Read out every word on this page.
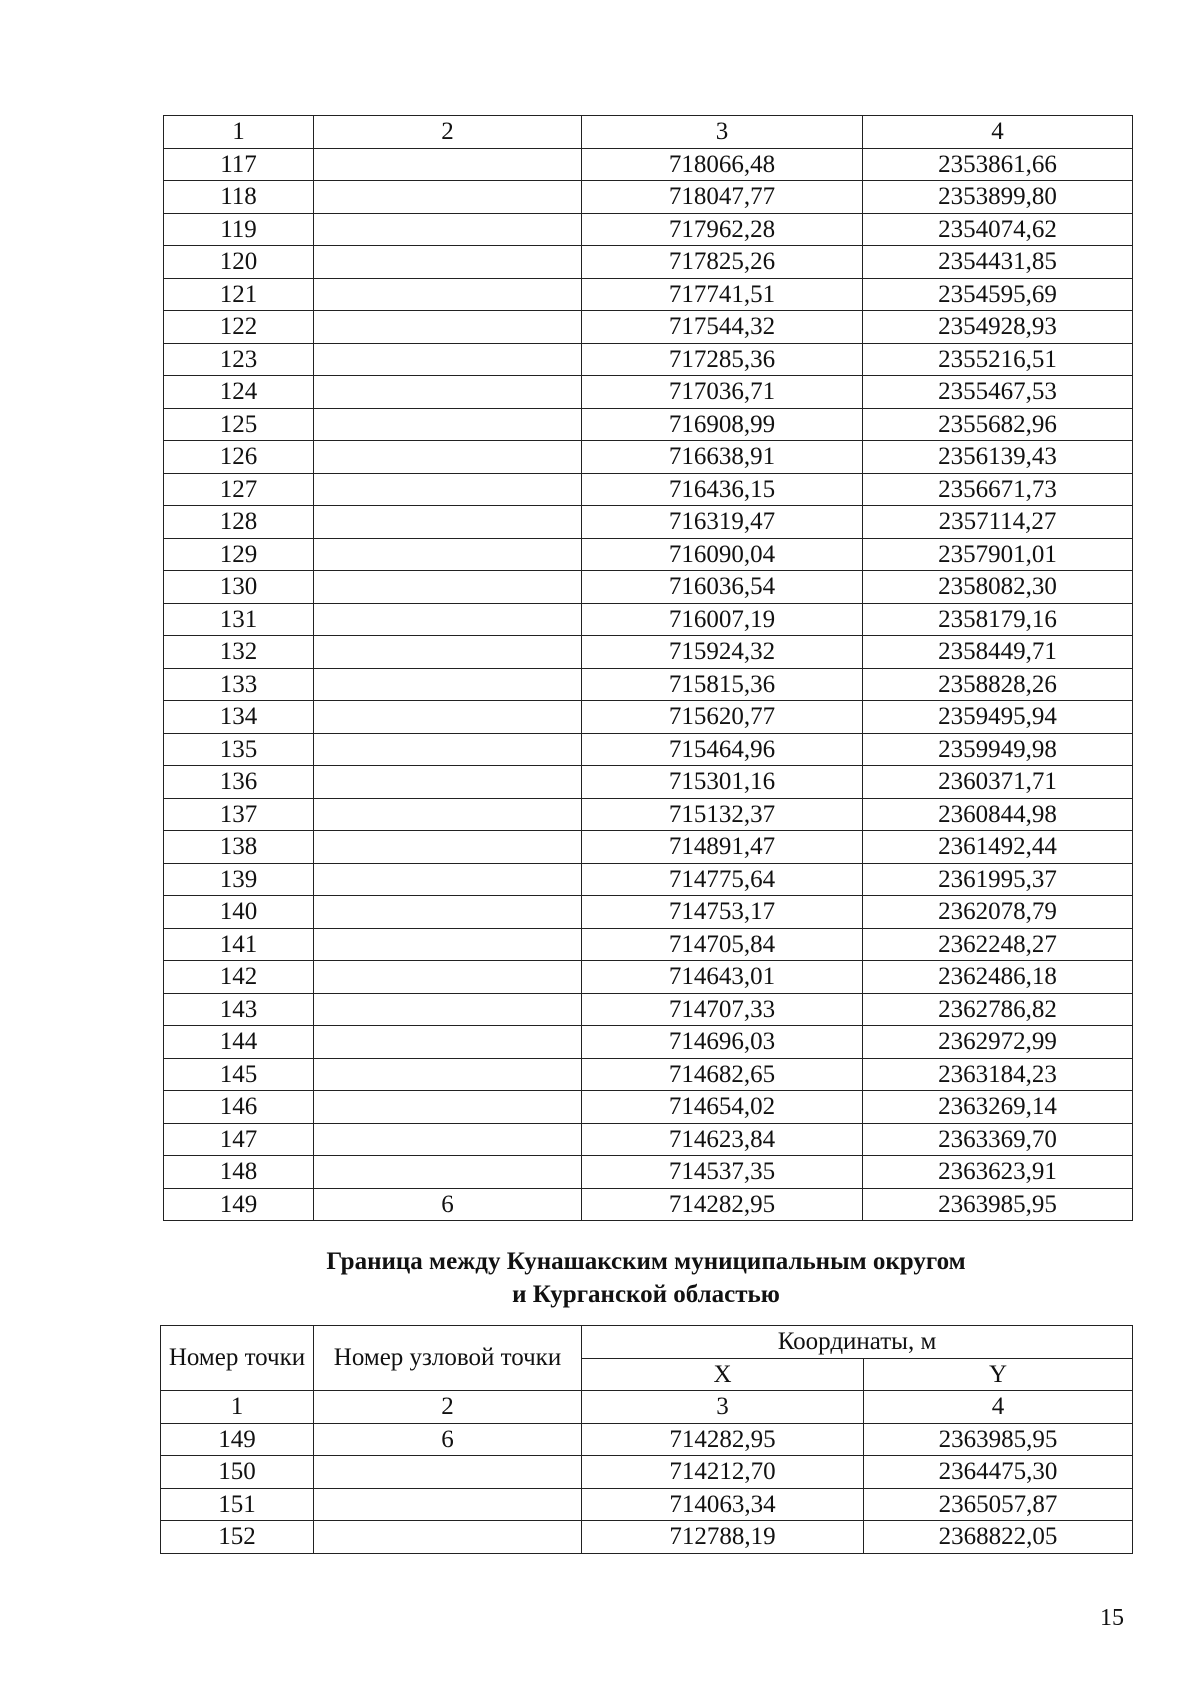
1	2	3	4
117		718066,48	2353861,66
118		718047,77	2353899,80
119		717962,28	2354074,62
120		717825,26	2354431,85
121		717741,51	2354595,69
122		717544,32	2354928,93
123		717285,36	2355216,51
124		717036,71	2355467,53
125		716908,99	2355682,96
126		716638,91	2356139,43
127		716436,15	2356671,73
128		716319,47	2357114,27
129		716090,04	2357901,01
130		716036,54	2358082,30
131		716007,19	2358179,16
132		715924,32	2358449,71
133		715815,36	2358828,26
134		715620,77	2359495,94
135		715464,96	2359949,98
136		715301,16	2360371,71
137		715132,37	2360844,98
138		714891,47	2361492,44
139		714775,64	2361995,37
140		714753,17	2362078,79
141		714705,84	2362248,27
142		714643,01	2362486,18
143		714707,33	2362786,82
144		714696,03	2362972,99
145		714682,65	2363184,23
146		714654,02	2363269,14
147		714623,84	2363369,70
148		714537,35	2363623,91
149	6	714282,95	2363985,95
Граница между Кунашакским муниципальным округом
и Курганской областью
Номер точки	Номер узловой точки	Координаты, м	
		X	Y
1	2	3	4
149	6	714282,95	2363985,95
150		714212,70	2364475,30
151		714063,34	2365057,87
152		712788,19	2368822,05
15
